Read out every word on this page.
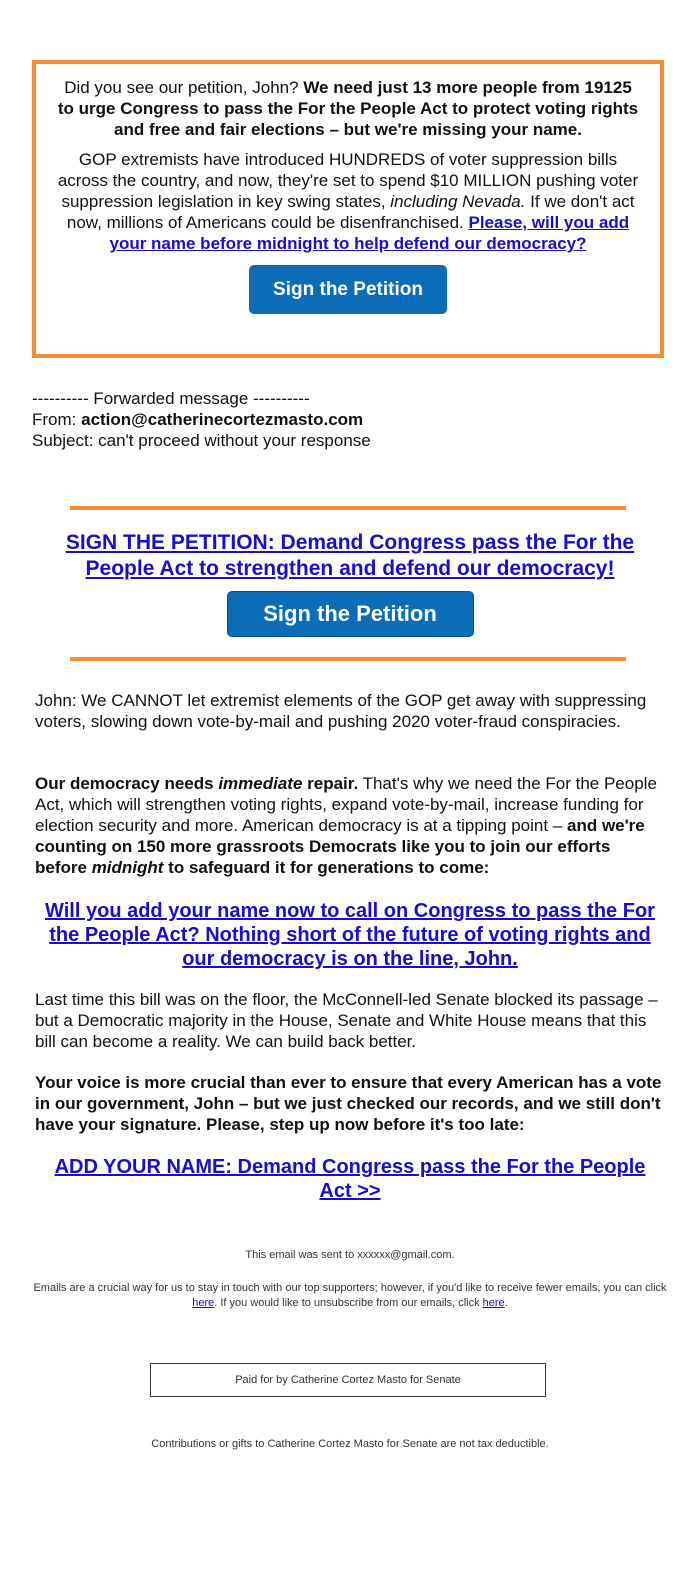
Did you see our petition, John? We need just 13 more people from 19125 to urge Congress to pass the For the People Act to protect voting rights and free and fair elections – but we're missing your name.

GOP extremists have introduced HUNDREDS of voter suppression bills across the country, and now, they're set to spend $10 MILLION pushing voter suppression legislation in key swing states, including Nevada. If we don't act now, millions of Americans could be disenfranchised. Please, will you add your name before midnight to help defend our democracy?

Sign the Petition
---------- Forwarded message ----------
From: action@catherinecortezmasto.com
Subject: can't proceed without your response
SIGN THE PETITION: Demand Congress pass the For the People Act to strengthen and defend our democracy!
Sign the Petition

John: We CANNOT let extremist elements of the GOP get away with suppressing voters, slowing down vote-by-mail and pushing 2020 voter-fraud conspiracies.

Our democracy needs immediate repair. That's why we need the For the People Act, which will strengthen voting rights, expand vote-by-mail, increase funding for election security and more. American democracy is at a tipping point – and we're counting on 150 more grassroots Democrats like you to join our efforts before midnight to safeguard it for generations to come:

Will you add your name now to call on Congress to pass the For the People Act? Nothing short of the future of voting rights and our democracy is on the line, John.

Last time this bill was on the floor, the McConnell-led Senate blocked its passage – but a Democratic majority in the House, Senate and White House means that this bill can become a reality. We can build back better.

Your voice is more crucial than ever to ensure that every American has a vote in our government, John – but we just checked our records, and we still don't have your signature. Please, step up now before it's too late:

ADD YOUR NAME: Demand Congress pass the For the People Act >>
This email was sent to xxxxxx@gmail.com.
Emails are a crucial way for us to stay in touch with our top supporters; however, if you'd like to receive fewer emails, you can click here. If you would like to unsubscribe from our emails, click here.
Paid for by Catherine Cortez Masto for Senate
Contributions or gifts to Catherine Cortez Masto for Senate are not tax deductible.
